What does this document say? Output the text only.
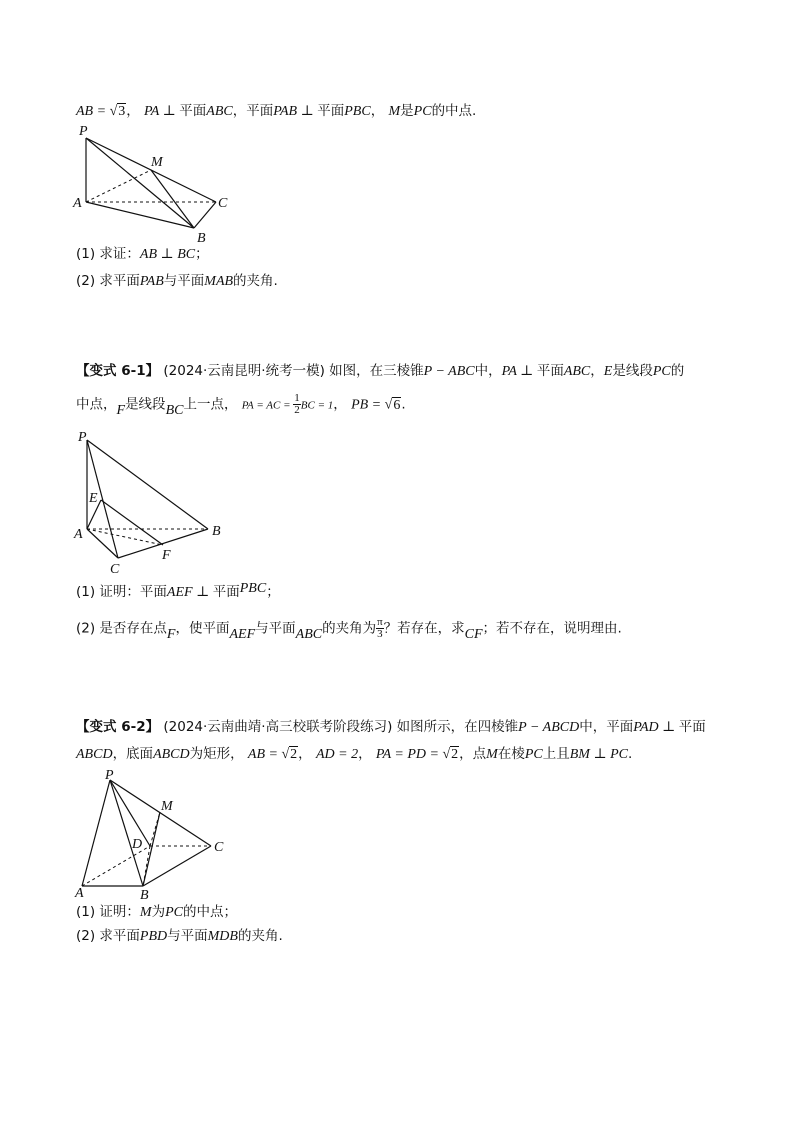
AB = √3， PA ⊥ 平面ABC，平面PAB ⊥ 平面PBC， M是PC的中点.
P
M
A	C
B
(1) 求证：AB ⊥ BC；
(2) 求平面PAB与平面MAB的夹角.
【变式 6-1】 (2024·云南昆明·统考一模) 如图，在三棱锥P − ABC中，PA ⊥ 平面ABC，E是线段PC的
中点，F是线段BC上一点， PA = AC = $\frac{1}{2}$ BC = 1， PB = √6.
P
E
A	B
F
C
(1) 证明：平面AEF ⊥ 平面PBC；
(2) 是否存在点F，使平面AEF与平面ABC的夹角为 $\frac{\pi}{3}$ ？若存在，求CF；若不存在，说明理由.
【变式 6-2】 (2024·云南曲靖·高三校联考阶段练习) 如图所示，在四棱锥P − ABCD中，平面PAD ⊥ 平面
ABCD，底面ABCD为矩形， AB = √2， AD = 2， PA = PD = √2，点M在棱PC上且BM ⊥ PC.
P
M
D	C
A	B
(1) 证明：M为PC的中点；
(2) 求平面PBD与平面MDB的夹角.
